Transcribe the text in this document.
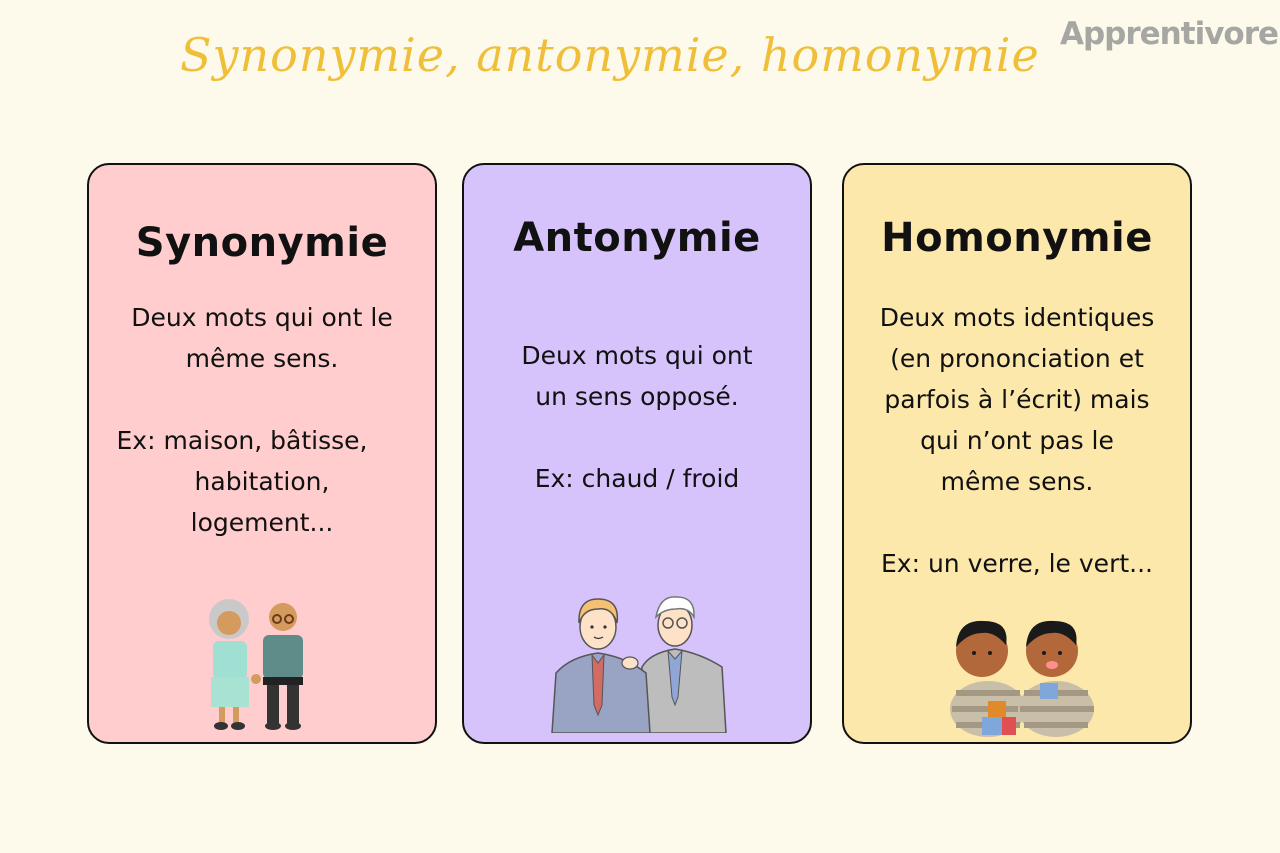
Synonymie, antonymie, homonymie Apprentivore
Synonymie

Deux mots qui ont le

même sens.

Ex: maison, bâtisse,

habitation,

logement...

Antonymie

Deux mots qui ont

un sens opposé.

Ex: chaud / froid

Homonymie

Deux mots identiques

(en prononciation et

parfois à l’écrit) mais

qui n’ont pas le

même sens.

Ex: un verre, le vert...
